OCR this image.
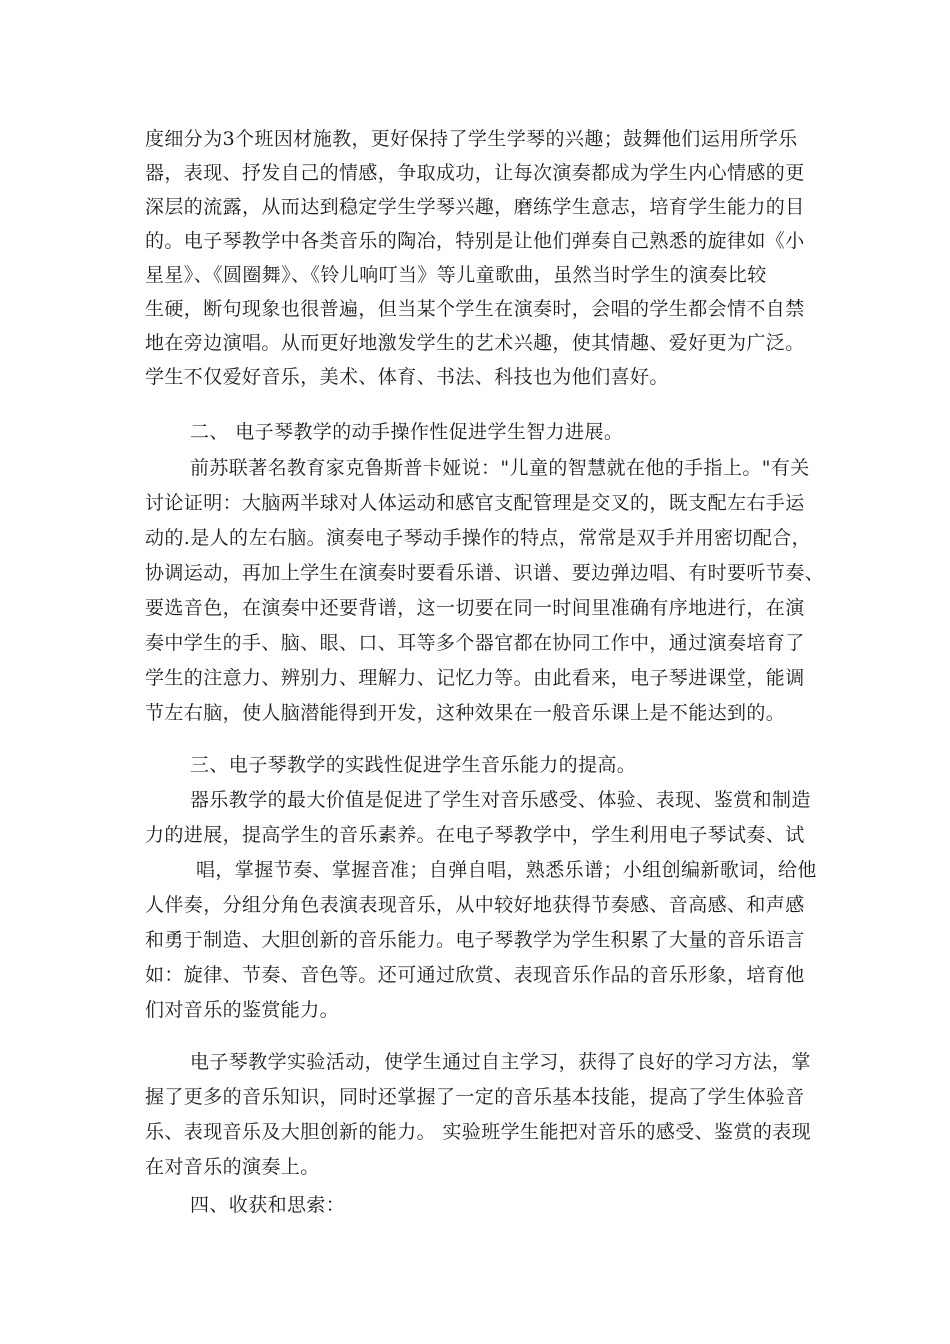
度细分为3个班因材施教，更好保持了学生学琴的兴趣；鼓舞他们运用所学乐
器，表现、抒发自己的情感，争取成功，让每次演奏都成为学生内心情感的更
深层的流露，从而达到稳定学生学琴兴趣，磨练学生意志，培育学生能力的目
的。电子琴教学中各类音乐的陶冶，特别是让他们弹奏自己熟悉的旋律如《小
星星》、《圆圈舞》、《铃儿响叮当》等儿童歌曲，虽然当时学生的演奏比较
生硬，断句现象也很普遍，但当某个学生在演奏时，会唱的学生都会情不自禁
地在旁边演唱。从而更好地激发学生的艺术兴趣，使其情趣、爱好更为广泛。
学生不仅爱好音乐，美术、体育、书法、科技也为他们喜好。
二、 电子琴教学的动手操作性促进学生智力进展。
前苏联著名教育家克鲁斯普卡娅说："儿童的智慧就在他的手指上。"有关
讨论证明：大脑两半球对人体运动和感官支配管理是交叉的，既支配左右手运
动的.是人的左右脑。演奏电子琴动手操作的特点，常常是双手并用密切配合，
协调运动，再加上学生在演奏时要看乐谱、识谱、要边弹边唱、有时要听节奏、
要选音色，在演奏中还要背谱，这一切要在同一时间里准确有序地进行，在演
奏中学生的手、脑、眼、口、耳等多个器官都在协同工作中，通过演奏培育了
学生的注意力、辨别力、理解力、记忆力等。由此看来，电子琴进课堂，能调
节左右脑，使人脑潜能得到开发，这种效果在一般音乐课上是不能达到的。
三、电子琴教学的实践性促进学生音乐能力的提高。
器乐教学的最大价值是促进了学生对音乐感受、体验、表现、鉴赏和制造
力的进展，提高学生的音乐素养。在电子琴教学中，学生利用电子琴试奏、试
唱，掌握节奏、掌握音准；自弹自唱，熟悉乐谱；小组创编新歌词，给他
人伴奏，分组分角色表演表现音乐，从中较好地获得节奏感、音高感、和声感
和勇于制造、大胆创新的音乐能力。电子琴教学为学生积累了大量的音乐语言
如：旋律、节奏、音色等。还可通过欣赏、表现音乐作品的音乐形象，培育他
们对音乐的鉴赏能力。
电子琴教学实验活动，使学生通过自主学习，获得了良好的学习方法，掌
握了更多的音乐知识，同时还掌握了一定的音乐基本技能，提高了学生体验音
乐、表现音乐及大胆创新的能力。 实验班学生能把对音乐的感受、鉴赏的表现
在对音乐的演奏上。
四、收获和思索：
